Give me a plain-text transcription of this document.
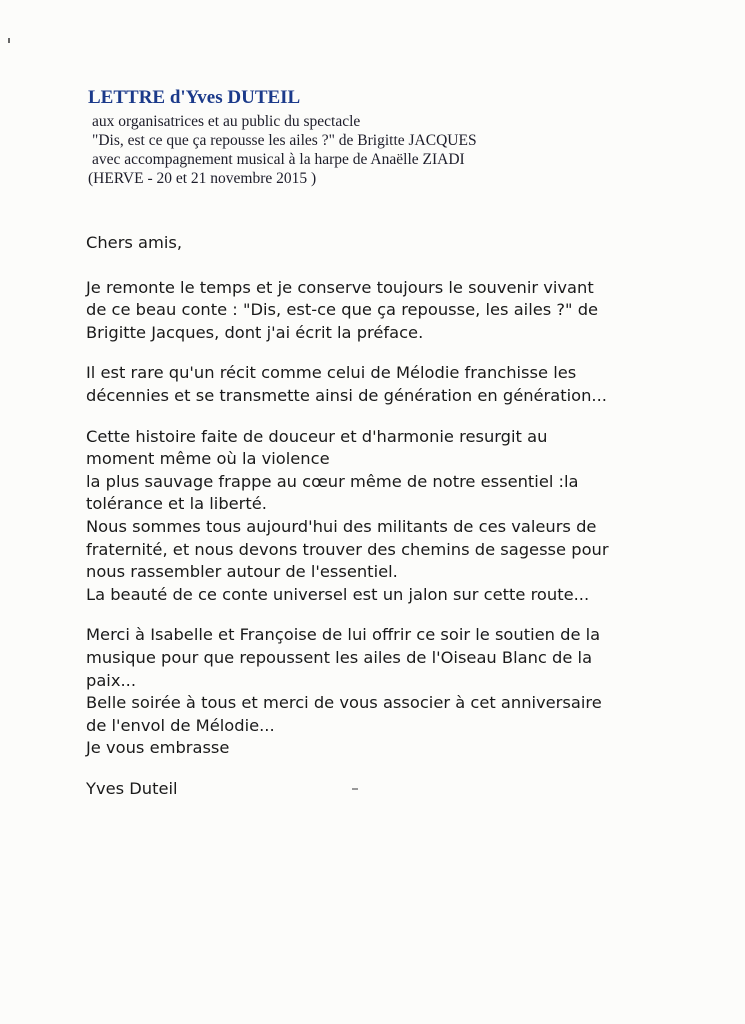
LETTRE d'Yves DUTEIL

aux organisatrices et au public du spectacle

"Dis, est ce que ça repousse les ailes ?" de Brigitte JACQUES

avec accompagnement musical à la harpe de Anaëlle ZIADI

(HERVE - 20 et 21 novembre 2015 )

Chers amis,

Je remonte le temps et je conserve toujours le souvenir vivant

de ce beau conte : "Dis, est-ce que ça repousse, les ailes ?" de

Brigitte Jacques, dont j'ai écrit la préface.

Il est rare qu'un récit comme celui de Mélodie franchisse les

décennies et se transmette ainsi de génération en génération...

Cette histoire faite de douceur et d'harmonie resurgit au

moment même où la violence

la plus sauvage frappe au cœur même de notre essentiel :la

tolérance et la liberté.

Nous sommes tous aujourd'hui des militants de ces valeurs de

fraternité, et nous devons trouver des chemins de sagesse pour

nous rassembler autour de l'essentiel.

La beauté de ce conte universel est un jalon sur cette route...

Merci à Isabelle et Françoise de lui offrir ce soir le soutien de la

musique pour que repoussent les ailes de l'Oiseau Blanc de la

paix...

Belle soirée à tous et merci de vous associer à cet anniversaire

de l'envol de Mélodie...

Je vous embrasse

Yves Duteil
